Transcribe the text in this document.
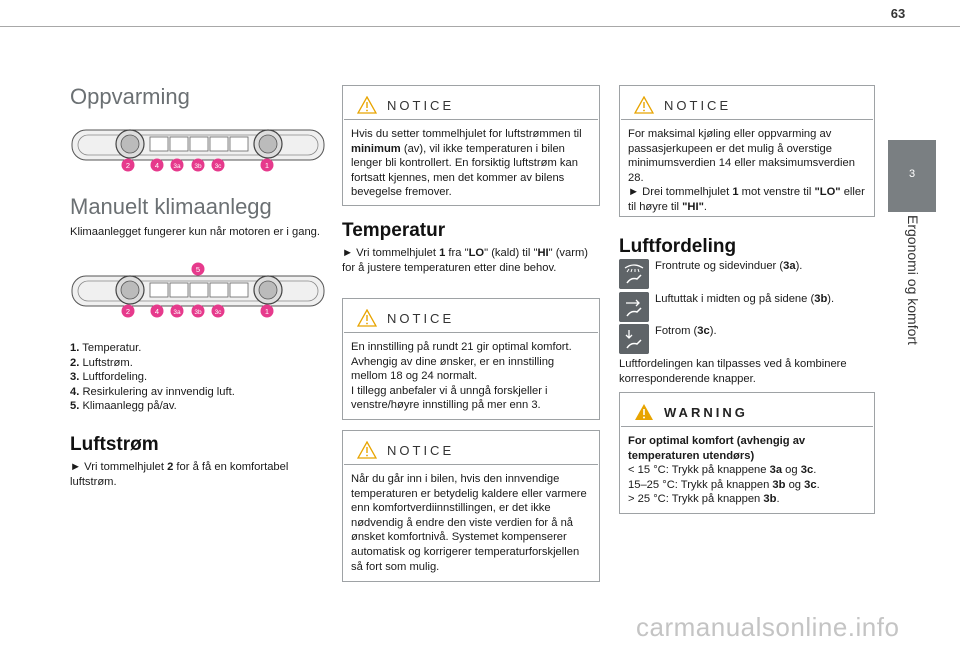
63
3
Ergonomi og komfort
Oppvarming
2	4 3a 3b 3c	1
Manuelt klimaanlegg

Klimaanlegget fungerer kun når motoren er i gang.

5
2	4 3a 3b 3c	1
1. Temperatur.
2. Luftstrøm.
3. Luftfordeling.
4. Resirkulering av innvendig luft.
5. Klimaanlegg på/av.
Luftstrøm

► Vri tommelhjulet 2 for å få en komfortabel luftstrøm.

NOTICE
Hvis du setter tommelhjulet for luftstrømmen til minimum (av), vil ikke temperaturen i bilen lenger bli kontrollert. En forsiktig luftstrøm kan fortsatt kjennes, men det kommer av bilens bevegelse fremover.
Temperatur

► Vri tommelhjulet 1 fra "LO" (kald) til "HI" (varm) for å justere temperaturen etter dine behov.

NOTICE
En innstilling på rundt 21 gir optimal komfort. Avhengig av dine ønsker, er en innstilling mellom 18 og 24 normalt.
I tillegg anbefaler vi å unngå forskjeller i venstre/høyre innstilling på mer enn 3.
NOTICE
Når du går inn i bilen, hvis den innvendige temperaturen er betydelig kaldere eller varmere enn komfortverdiinnstillingen, er det ikke nødvendig å endre den viste verdien for å nå ønsket komfortnivå. Systemet kompenserer automatisk og korrigerer temperaturforskjellen så fort som mulig.
NOTICE
For maksimal kjøling eller oppvarming av passasjerkupeen er det mulig å overstige minimumsverdien 14 eller maksimumsverdien 28.
► Drei tommelhjulet 1 mot venstre til "LO" eller til høyre til "HI".
Luftfordeling
Frontrute og sidevinduer (3a).
Luftuttak i midten og på sidene (3b).
Fotrom (3c).

Luftfordelingen kan tilpasses ved å kombinere korresponderende knapper.

WARNING
For optimal komfort (avhengig av temperaturen utendørs)
< 15 °C: Trykk på knappene 3a og 3c.
15–25 °C: Trykk på knappen 3b og 3c.
> 25 °C: Trykk på knappen 3b.
carmanualsonline.info
